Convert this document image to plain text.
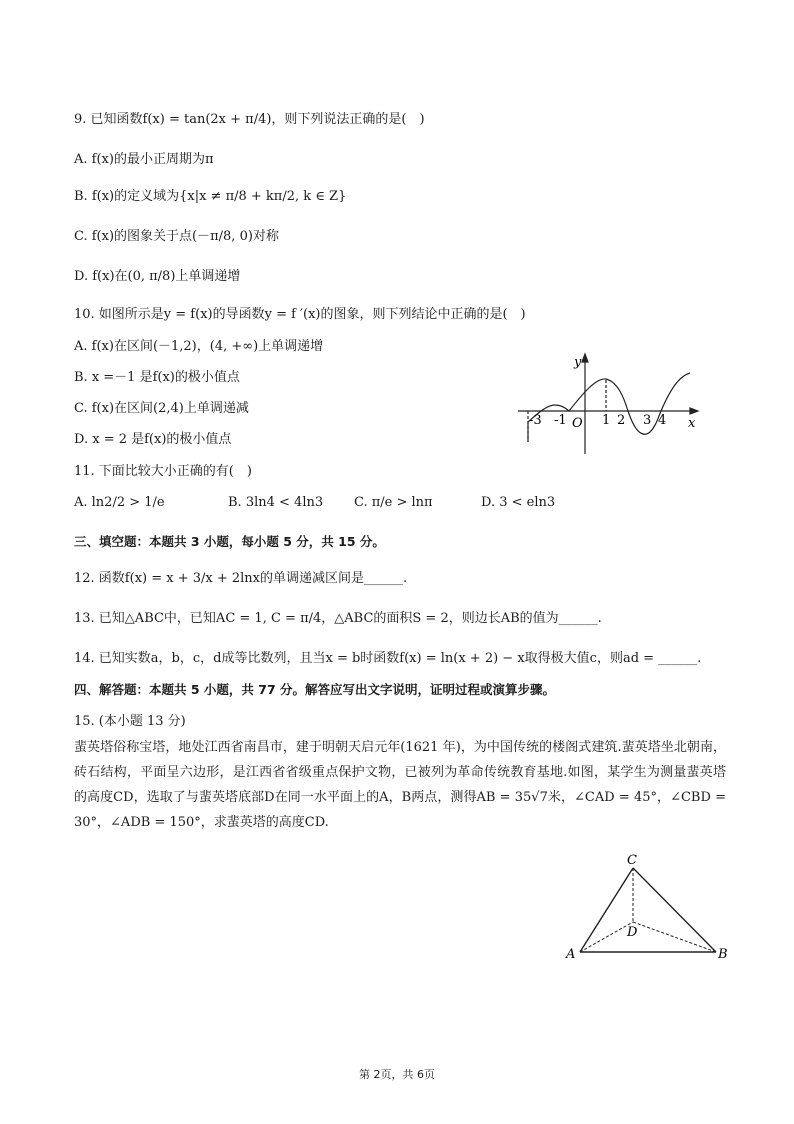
9. 已知函数f(x) = tan(2x + π/4)，则下列说法正确的是(　)
A. f(x)的最小正周期为π
B. f(x)的定义域为{x|x ≠ π/8 + kπ/2, k ∈ Z}
C. f(x)的图象关于点(－π/8, 0)对称
D. f(x)在(0, π/8)上单调递增
10. 如图所示是y = f(x)的导函数y = f ′(x)的图象，则下列结论中正确的是(　)
A. f(x)在区间(－1,2)，(4, +∞)上单调递增
B. x =－1 是f(x)的极小值点
C. f(x)在区间(2,4)上单调递减
D. x = 2 是f(x)的极小值点
y
x
O
-3 -1	1 2 3 4
11. 下面比较大小正确的有(　)
A. ln2/2 > 1/e	B. 3ln4 < 4ln3 C. π/e > lnπ	D. 3 < eln3
三、填空题：本题共 3 小题，每小题 5 分，共 15 分。
12. 函数f(x) = x + 3/x + 2lnx的单调递减区间是______.
13. 已知△ABC中，已知AC = 1, C = π/4，△ABC的面积S = 2，则边长AB的值为______.
14. 已知实数a，b，c，d成等比数列，且当x = b时函数f(x) = ln(x + 2) − x取得极大值c，则ad = ______.
四、解答题：本题共 5 小题，共 77 分。解答应写出文字说明，证明过程或演算步骤。
15. (本小题 13 分)
蜚英塔俗称宝塔，地处江西省南昌市，建于明朝天启元年(1621 年)，为中国传统的楼阁式建筑.蜚英塔坐北朝南，砖石结构，平面呈六边形，是江西省省级重点保护文物，已被列为革命传统教育基地.如图，某学生为测量蜚英塔的高度CD，选取了与蜚英塔底部D在同一水平面上的A，B两点，测得AB = 35√7米，∠CAD = 45°，∠CBD = 30°，∠ADB = 150°，求蜚英塔的高度CD.
C
D
A	B
第 2页，共 6页
